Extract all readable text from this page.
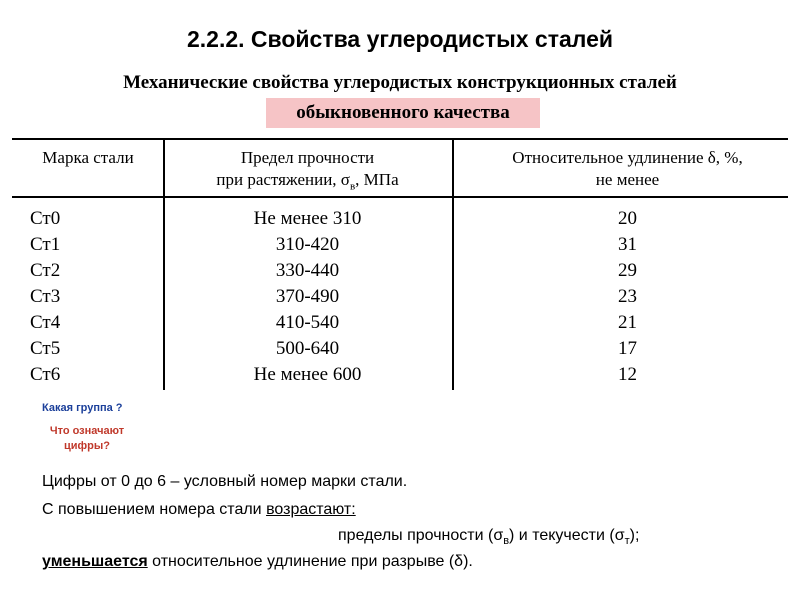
2.2.2. Свойства углеродистых сталей
Механические свойства углеродистых конструкционных сталей
обыкновенного качества
Марка стали	Предел прочности
при растяжении, $\sigma_в$, МПа
Относительное удлинение δ, %,
не менее
Ст0
Ст1
Ст2
Ст3
Ст4
Ст5
Ст6
Не менее 310
310-420
330-440
370-490
410-540
500-640
Не менее 600
20
31
29
23
21
17
12
Какая группа ?
Что означают
цифры?
Цифры от 0 до 6 – условный номер марки стали.
С повышением номера стали возрастают:
пределы прочности $(\sigma_в)$ и текучести $(\sigma_т)$;
уменьшается относительное удлинение при разрыве (δ).
